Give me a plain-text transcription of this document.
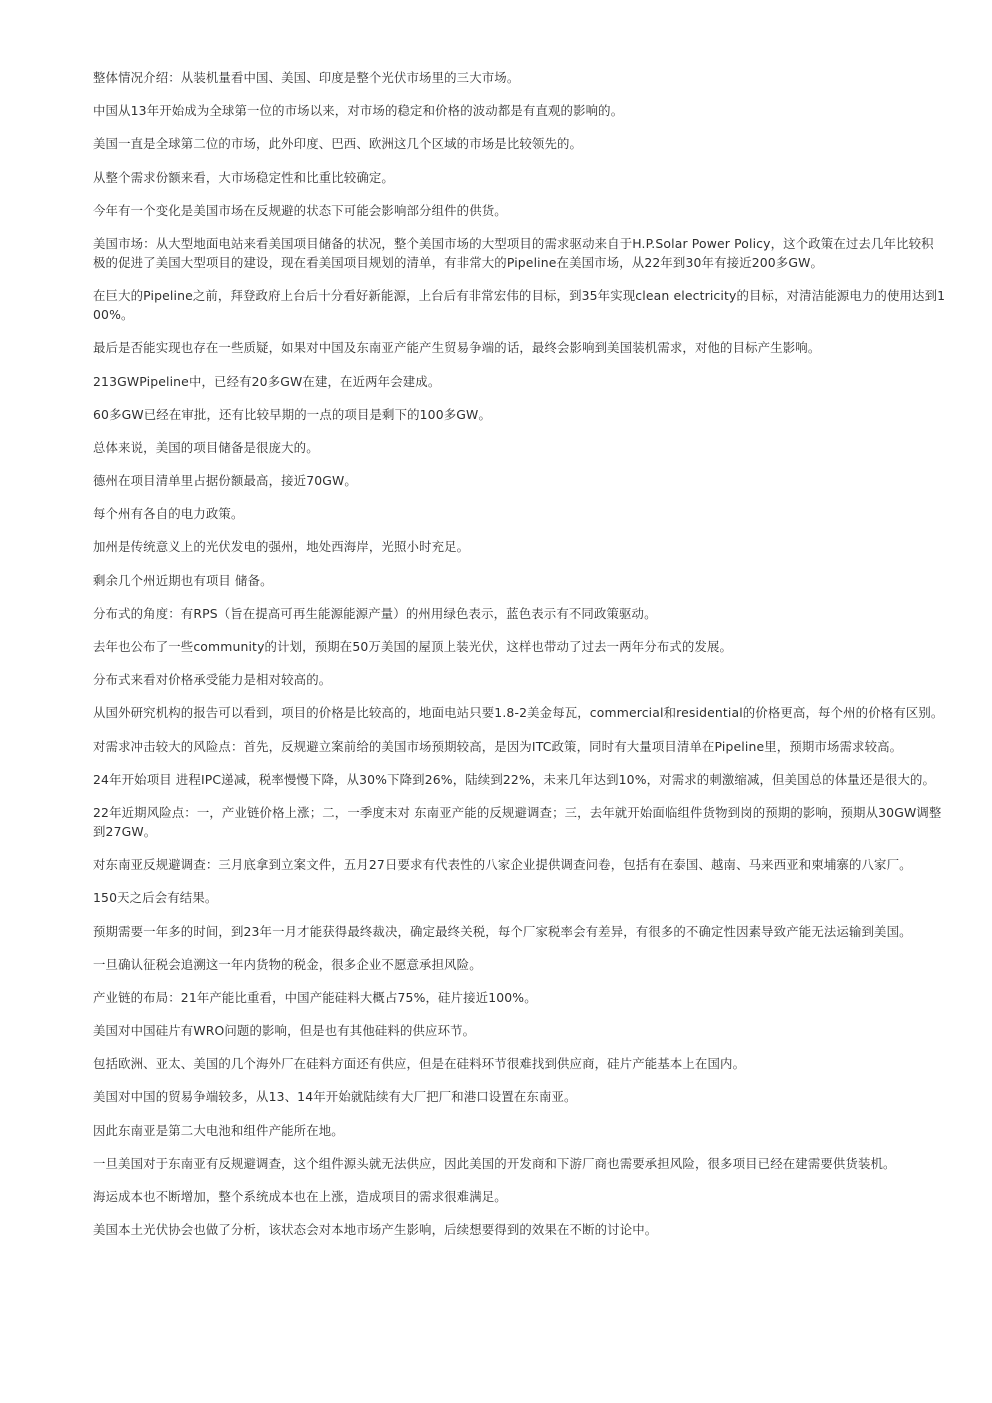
整体情况介绍：从装机量看中国、美国、印度是整个光伏市场里的三大市场。

中国从13年开始成为全球第一位的市场以来，对市场的稳定和价格的波动都是有直观的影响的。

美国一直是全球第二位的市场，此外印度、巴西、欧洲这几个区域的市场是比较领先的。

从整个需求份额来看，大市场稳定性和比重比较确定。

今年有一个变化是美国市场在反规避的状态下可能会影响部分组件的供货。

美国市场：从大型地面电站来看美国项目储备的状况，整个美国市场的大型项目的需求驱动来自于H.P.Solar Power Policy，这个政策在过去几年比较积极的促进了美国大型项目的建设，现在看美国项目规划的清单，有非常大的Pipeline在美国市场，从22年到30年有接近200多GW。

在巨大的Pipeline之前，拜登政府上台后十分看好新能源，上台后有非常宏伟的目标，到35年实现clean electricity的目标，对清洁能源电力的使用达到100%。

最后是否能实现也存在一些质疑，如果对中国及东南亚产能产生贸易争端的话，最终会影响到美国装机需求，对他的目标产生影响。

213GWPipeline中，已经有20多GW在建，在近两年会建成。

60多GW已经在审批，还有比较早期的一点的项目是剩下的100多GW。

总体来说，美国的项目储备是很庞大的。

德州在项目清单里占据份额最高，接近70GW。

每个州有各自的电力政策。

加州是传统意义上的光伏发电的强州，地处西海岸，光照小时充足。

剩余几个州近期也有项目 储备。

分布式的角度：有RPS（旨在提高可再生能源能源产量）的州用绿色表示，蓝色表示有不同政策驱动。

去年也公布了一些community的计划，预期在50万美国的屋顶上装光伏，这样也带动了过去一两年分布式的发展。

分布式来看对价格承受能力是相对较高的。

从国外研究机构的报告可以看到，项目的价格是比较高的，地面电站只要1.8-2美金每瓦，commercial和residential的价格更高，每个州的价格有区别。

对需求冲击较大的风险点：首先，反规避立案前给的美国市场预期较高，是因为ITC政策，同时有大量项目清单在Pipeline里，预期市场需求较高。

24年开始项目 进程IPC递减，税率慢慢下降，从30%下降到26%，陆续到22%，未来几年达到10%，对需求的刺激缩减，但美国总的体量还是很大的。

22年近期风险点：一，产业链价格上涨；二，一季度末对 东南亚产能的反规避调查；三，去年就开始面临组件货物到岗的预期的影响，预期从30GW调整到27GW。

对东南亚反规避调查：三月底拿到立案文件，五月27日要求有代表性的八家企业提供调查问卷，包括有在泰国、越南、马来西亚和柬埔寨的八家厂。

150天之后会有结果。

预期需要一年多的时间，到23年一月才能获得最终裁决，确定最终关税，每个厂家税率会有差异，有很多的不确定性因素导致产能无法运输到美国。

一旦确认征税会追溯这一年内货物的税金，很多企业不愿意承担风险。

产业链的布局：21年产能比重看，中国产能硅料大概占75%，硅片接近100%。

美国对中国硅片有WRO问题的影响，但是也有其他硅料的供应环节。

包括欧洲、亚太、美国的几个海外厂在硅料方面还有供应，但是在硅料环节很难找到供应商，硅片产能基本上在国内。

美国对中国的贸易争端较多，从13、14年开始就陆续有大厂把厂和港口设置在东南亚。

因此东南亚是第二大电池和组件产能所在地。

一旦美国对于东南亚有反规避调查，这个组件源头就无法供应，因此美国的开发商和下游厂商也需要承担风险，很多项目已经在建需要供货装机。

海运成本也不断增加，整个系统成本也在上涨，造成项目的需求很难满足。

美国本土光伏协会也做了分析，该状态会对本地市场产生影响，后续想要得到的效果在不断的讨论中。
